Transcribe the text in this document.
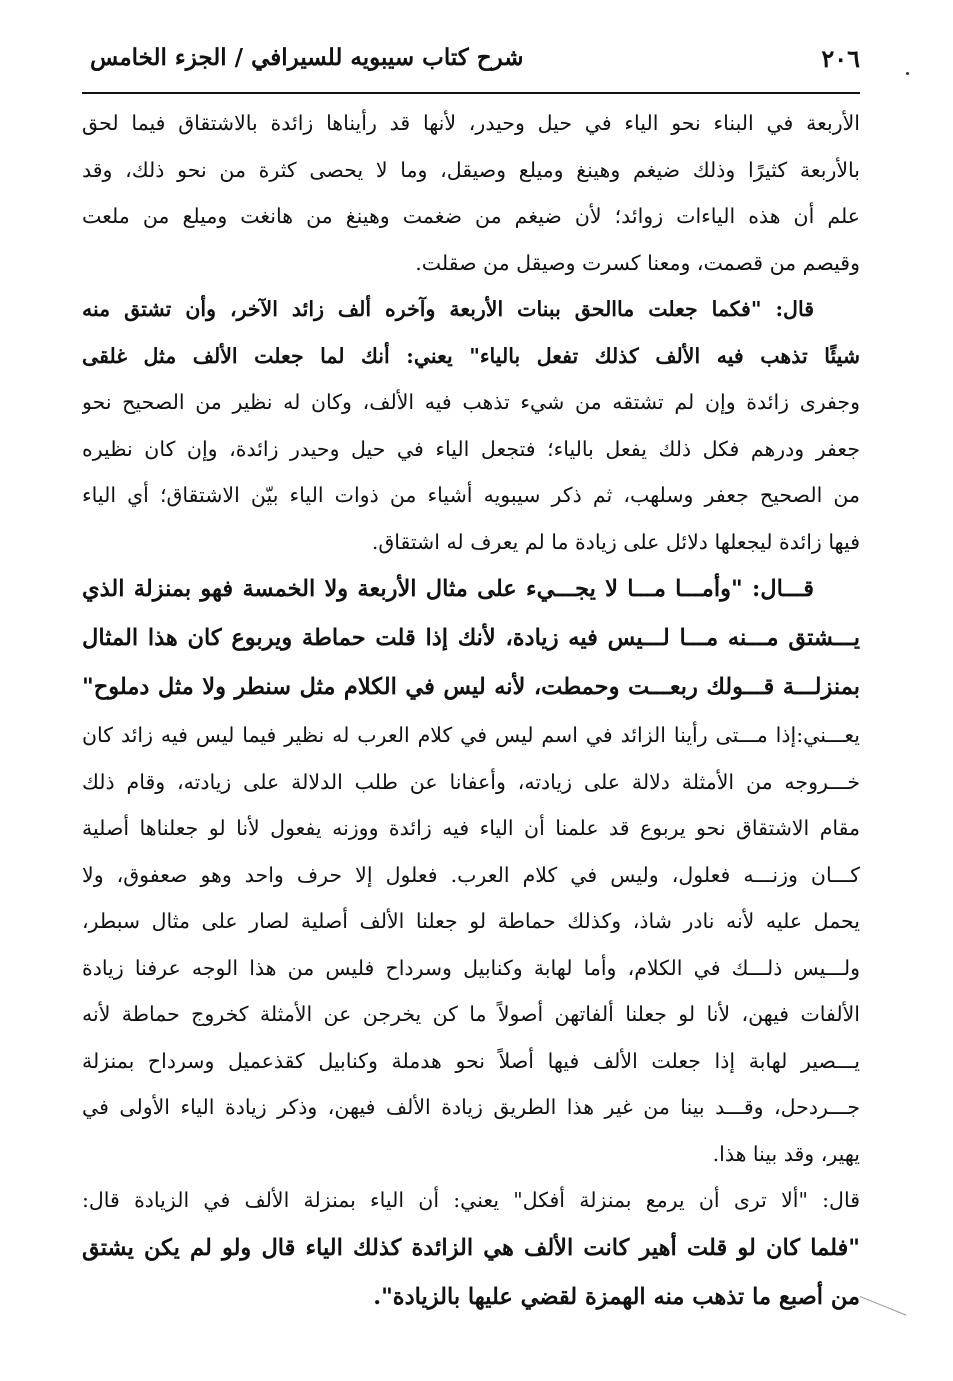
٢٠٦
شرح كتاب سيبويه للسيرافي / الجزء الخامس
الأربعة في البناء نحو الياء في حيل وحيدر، لأنها قد رأيناها زائدة بالاشتقاق فيما لحق
بالأربعة كثيرًا وذلك ضيغم وهينغ وميلع وصيقل، وما لا يحصى كثرة من نحو ذلك، وقد
علم أن هذه الياءات زوائد؛ لأن ضيغم من ضغمت وهينغ من هانغت وميلع من ملعت
وقيصم من قصمت، ومعنا كسرت وصيقل من صقلت.
قال: "فكما جعلت ماالحق ببنات الأربعة وآخره ألف زائد الآخر، وأن تشتق منه
شيئًا تذهب فيه الألف كذلك تفعل بالياء" يعني: أنك لما جعلت الألف مثل غلقى
وجفرى زائدة وإن لم تشتقه من شيء تذهب فيه الألف، وكان له نظير من الصحيح نحو
جعفر ودرهم فكل ذلك يفعل بالياء؛ فتجعل الياء في حيل وحيدر زائدة، وإن كان نظيره
من الصحيح جعفر وسلهب، ثم ذكر سيبويه أشياء من ذوات الياء بيّن الاشتقاق؛ أي الياء
فيها زائدة ليجعلها دلائل على زيادة ما لم يعرف له اشتقاق.
قـــال: "وأمـــا مـــا لا يجـــيء على مثال الأربعة ولا الخمسة فهو بمنزلة الذي
يـــشتق مـــنه مـــا لـــيس فيه زيادة، لأنك إذا قلت حماطة ويربوع كان هذا المثال
بمنزلـــة قـــولك ربعـــت وحمطت، لأنه ليس في الكلام مثل سنطر ولا مثل دملوح"
يعـــني:إذا مـــتى رأينا الزائد في اسم ليس في كلام العرب له نظير فيما ليس فيه زائد كان
خـــروجه من الأمثلة دلالة على زيادته، وأعفانا عن طلب الدلالة على زيادته، وقام ذلك
مقام الاشتقاق نحو يربوع قد علمنا أن الياء فيه زائدة ووزنه يفعول لأنا لو جعلناها أصلية
كـــان وزنـــه فعلول، وليس في كلام العرب. فعلول إلا حرف واحد وهو صعفوق، ولا
يحمل عليه لأنه نادر شاذ، وكذلك حماطة لو جعلنا الألف أصلية لصار على مثال سبطر،
ولـــيس ذلـــك في الكلام، وأما لهابة وكنابيل وسرداح فليس من هذا الوجه عرفنا زيادة
الألفات فيهن، لأنا لو جعلنا ألفاتهن أصولاً ما كن يخرجن عن الأمثلة كخروج حماطة لأنه
يـــصير لهابة إذا جعلت الألف فيها أصلاً نحو هدملة وكنابيل كقذعميل وسرداح بمنزلة
جـــردحل، وقـــد بينا من غير هذا الطريق زيادة الألف فيهن، وذكر زيادة الياء الأولى في
يهير، وقد بينا هذا.
قال: "ألا ترى أن يرمع بمنزلة أفكل" يعني: أن الياء بمنزلة الألف في الزيادة قال:
"فلما كان لو قلت أهير كانت الألف هي الزائدة كذلك الياء قال ولو لم يكن يشتق
من أصبع ما تذهب منه الهمزة لقضي عليها بالزيادة".
